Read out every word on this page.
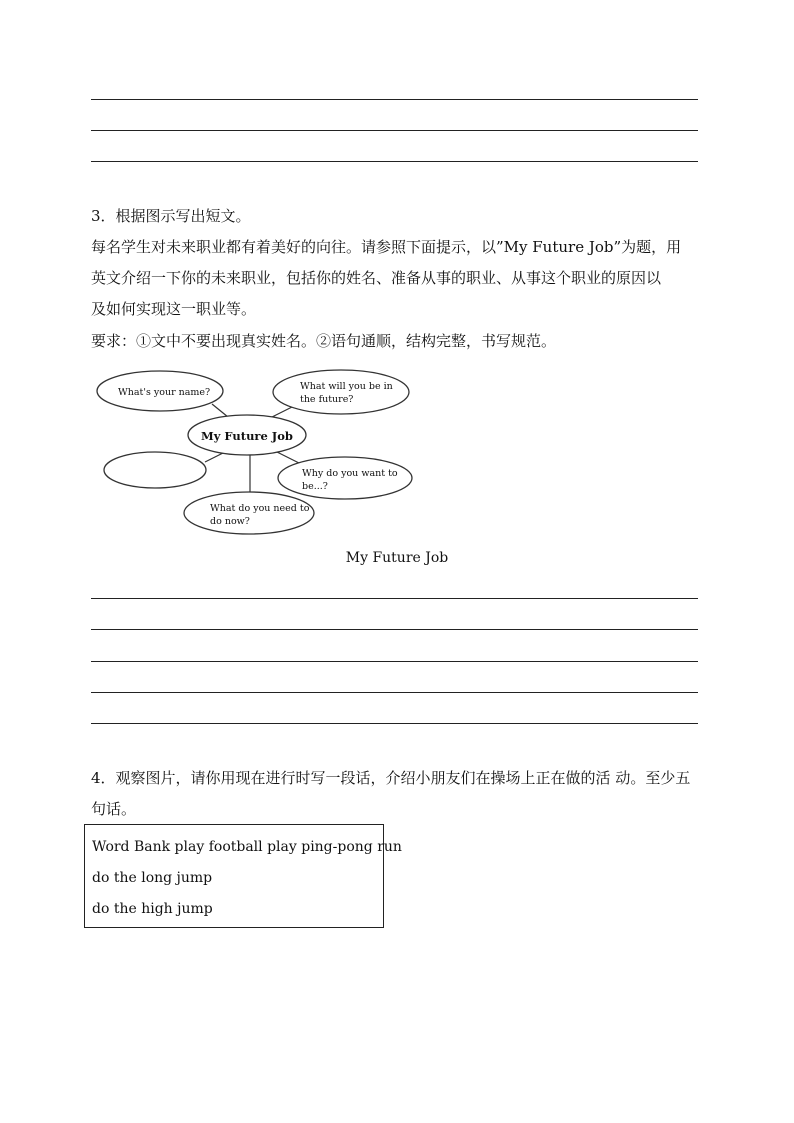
3．根据图示写出短文。
每名学生对未来职业都有着美好的向往。请参照下面提示，以”My Future Job”为题，用
英文介绍一下你的未来职业，包括你的姓名、准备从事的职业、从事这个职业的原因以
及如何实现这一职业等。
要求：①文中不要出现真实姓名。②语句通顺，结构完整，书写规范。
What's your name?
What will you be in
the future?
My Future Job
Why do you want to
be...?
What do you need to
do now?
My Future Job
4．观察图片，请你用现在进行时写一段话，介绍小朋友们在操场上正在做的活 动。至少五句话。
Word Bank play football play ping-pong run
do the long jump
do the high jump
